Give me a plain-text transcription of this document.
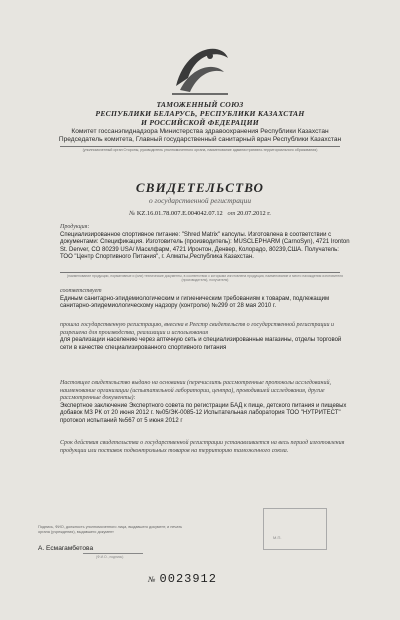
ТАМОЖЕННЫЙ СОЮЗ
РЕСПУБЛИКИ БЕЛАРУСЬ, РЕСПУБЛИКИ КАЗАХСТАН
И РОССИЙСКОЙ ФЕДЕРАЦИИ
Комитет госсанэпиднадзора Министерства здравоохранения Республики Казахстан
Председатель комитета, Главный государственный санитарный врач Республики Казахстан
(уполномоченный орган Стороны, руководитель уполномоченного органа, наименование административно-территориального образования)
СВИДЕТЕЛЬСТВО
о государственной регистрации
№ KZ.16.01.78.007.Е.004042.07.12 от 20.07.2012 г.
Продукция:
Специализированное спортивное питание: "Shred Matrix" капсулы. Изготовлена в соответствии с документами: Спецификация. Изготовитель (производитель): MUSCLEPHARM (CarnoSyn), 4721 Ironton St. Denver, CO 80239 USA/ Масклфарм, 4721 Иронтон, Денвер, Колорадо, 80239,США. Получатель: ТОО "Центр Спортивного Питания", г. Алматы,Республика Казахстан.
(наименование продукции, нормативные и (или) технические документы, в соответствии с которыми изготовлена продукция, наименование и место нахождения изготовителя (производителя), получателя)
соответствует
Единым санитарно-эпидемиологическим и гигиеническим требованиям к товарам, подлежащим санитарно-эпидемиологическому надзору (контролю) №299 от 28 мая 2010 г.
прошла государственную регистрацию, внесена в Реестр свидетельств о государственной регистрации и разрешена для производства, реализации и использования
для реализации населению через аптечную сеть и специализированные магазины, отделы торговой сети в качестве специализированного спортивного питания
Настоящее свидетельство выдано на основании (перечислить рассмотренные протоколы исследований, наименование организации (испытательной лаборатории, центра), проводившей исследования, другие рассмотренные документы):
Экспертное заключение Экспертного совета по регистрации БАД к пище, детского питания и пищевых добавок МЗ РК от 20 июня 2012 г. №05/ЭК-0085-12 Испытательная лаборатория ТОО "НУТРИТЕСТ" протокол испытаний №567 от 5 июня 2012 г
Срок действия свидетельства о государственной регистрации устанавливается на весь период изготовления продукции или поставок подконтрольных товаров на территорию таможенного союза.
Подпись, ФИО, должность уполномоченного лица, выдавшего документ, и печать органа (учреждения), выдавшего документ
А. Есмагамбетова
(Ф.И.О., подпись)
М.П.
№ 0023912
